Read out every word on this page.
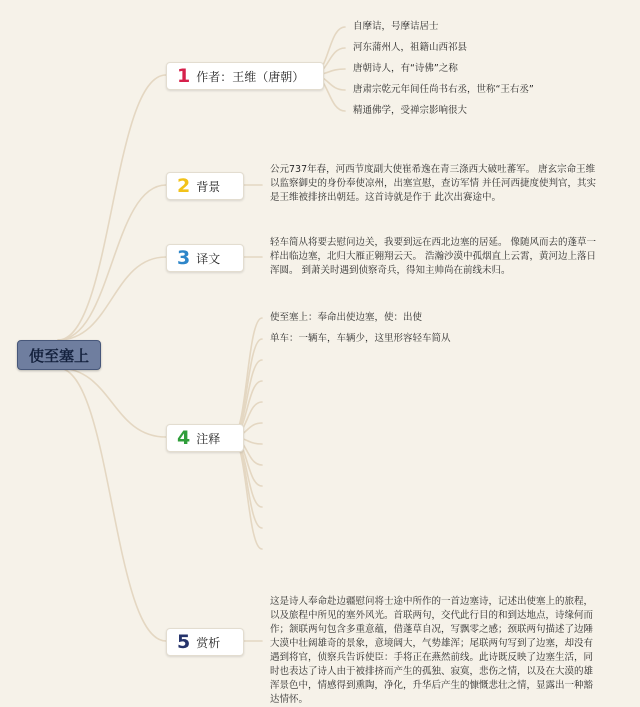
使至塞上
1 作者：王维（唐朝）
自摩诘，号摩诘居士
河东蒲州人，祖籍山西祁县
唐朝诗人，有“诗佛”之称
唐肃宗乾元年间任尚书右丞，世称“王右丞”
精通佛学，受禅宗影响很大
2 背景
公元737年春，河西节度副大使崔希逸在青三涤西大破吐蕃军。 唐玄宗命王维以监察御史的身份奉使凉州，出塞宣慰，查访军情 并任河西捷度使判官，其实是王维被排挤出朝廷。这首诗就是作于 此次出赛途中。
3 译文
轻车简从将要去慰问边关，我要到远在西北边塞的居延。 像随风而去的蓬草一样出临边塞，北归大雁正翱翔云天。 浩瀚沙漠中孤烟直上云霄，黄河边上落日浑圆。 到萧关时遇到侦察奇兵，得知主帅尚在前线未归。
4 注释
使至塞上：奉命出使边塞，使：出使
单车：一辆车，车辆少，这里形容轻车简从
5 赏析
这是诗人奉命赴边疆慰问将士途中所作的一首边塞诗，记述出使塞上的旅程，以及旅程中所见的塞外风光。首联两句，交代此行目的和到达地点，诗缘何而作；颔联两句包含多重意蕴，借蓬草自况，写飘零之感；颈联两句描述了边陲大漠中壮阔雄奇的景象，意境阔大，气势雄浑；尾联两句写到了边塞，却没有遇到将官，侦察兵告诉使臣：手将正在燕然前线。此诗既反映了边塞生活，同时也表达了诗人由于被排挤而产生的孤独、寂寞，悲伤之情，以及在大漠的雄浑景色中，情感得到熏陶，净化，升华后产生的慷慨悲壮之情，显露出一种豁达情怀。
